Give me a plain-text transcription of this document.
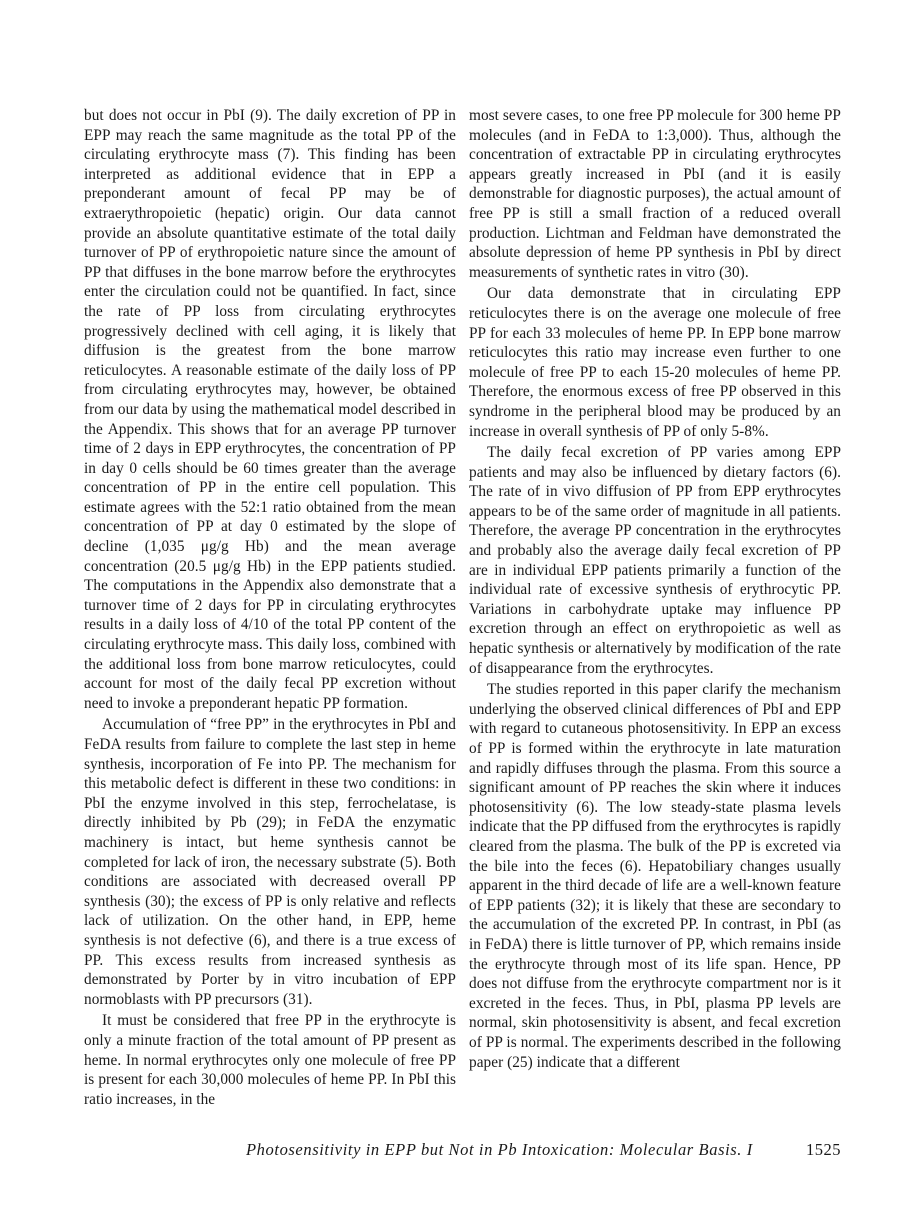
but does not occur in PbI (9). The daily excretion of PP in EPP may reach the same magnitude as the total PP of the circulating erythrocyte mass (7). This finding has been interpreted as additional evidence that in EPP a preponderant amount of fecal PP may be of extraerythropoietic (hepatic) origin. Our data cannot provide an absolute quantitative estimate of the total daily turnover of PP of erythropoietic nature since the amount of PP that diffuses in the bone marrow before the erythrocytes enter the circulation could not be quantified. In fact, since the rate of PP loss from circulating erythrocytes progressively declined with cell aging, it is likely that diffusion is the greatest from the bone marrow reticulocytes. A reasonable estimate of the daily loss of PP from circulating erythrocytes may, however, be obtained from our data by using the mathematical model described in the Appendix. This shows that for an average PP turnover time of 2 days in EPP erythrocytes, the concentration of PP in day 0 cells should be 60 times greater than the average concentration of PP in the entire cell population. This estimate agrees with the 52:1 ratio obtained from the mean concentration of PP at day 0 estimated by the slope of decline (1,035 μg/g Hb) and the mean average concentration (20.5 μg/g Hb) in the EPP patients studied. The computations in the Appendix also demonstrate that a turnover time of 2 days for PP in circulating erythrocytes results in a daily loss of 4/10 of the total PP content of the circulating erythrocyte mass. This daily loss, combined with the additional loss from bone marrow reticulocytes, could account for most of the daily fecal PP excretion without need to invoke a preponderant hepatic PP formation.

Accumulation of “free PP” in the erythrocytes in PbI and FeDA results from failure to complete the last step in heme synthesis, incorporation of Fe into PP. The mechanism for this metabolic defect is different in these two conditions: in PbI the enzyme involved in this step, ferrochelatase, is directly inhibited by Pb (29); in FeDA the enzymatic machinery is intact, but heme synthesis cannot be completed for lack of iron, the necessary substrate (5). Both conditions are associated with decreased overall PP synthesis (30); the excess of PP is only relative and reflects lack of utilization. On the other hand, in EPP, heme synthesis is not defective (6), and there is a true excess of PP. This excess results from increased synthesis as demonstrated by Porter by in vitro incubation of EPP normoblasts with PP precursors (31).

It must be considered that free PP in the erythrocyte is only a minute fraction of the total amount of PP present as heme. In normal erythrocytes only one molecule of free PP is present for each 30,000 molecules of heme PP. In PbI this ratio increases, in the

most severe cases, to one free PP molecule for 300 heme PP molecules (and in FeDA to 1:3,000). Thus, although the concentration of extractable PP in circulating erythrocytes appears greatly increased in PbI (and it is easily demonstrable for diagnostic purposes), the actual amount of free PP is still a small fraction of a reduced overall production. Lichtman and Feldman have demonstrated the absolute depression of heme PP synthesis in PbI by direct measurements of synthetic rates in vitro (30).

Our data demonstrate that in circulating EPP reticulocytes there is on the average one molecule of free PP for each 33 molecules of heme PP. In EPP bone marrow reticulocytes this ratio may increase even further to one molecule of free PP to each 15-20 molecules of heme PP. Therefore, the enormous excess of free PP observed in this syndrome in the peripheral blood may be produced by an increase in overall synthesis of PP of only 5-8%.

The daily fecal excretion of PP varies among EPP patients and may also be influenced by dietary factors (6). The rate of in vivo diffusion of PP from EPP erythrocytes appears to be of the same order of magnitude in all patients. Therefore, the average PP concentration in the erythrocytes and probably also the average daily fecal excretion of PP are in individual EPP patients primarily a function of the individual rate of excessive synthesis of erythrocytic PP. Variations in carbohydrate uptake may influence PP excretion through an effect on erythropoietic as well as hepatic synthesis or alternatively by modification of the rate of disappearance from the erythrocytes.

The studies reported in this paper clarify the mechanism underlying the observed clinical differences of PbI and EPP with regard to cutaneous photosensitivity. In EPP an excess of PP is formed within the erythrocyte in late maturation and rapidly diffuses through the plasma. From this source a significant amount of PP reaches the skin where it induces photosensitivity (6). The low steady-state plasma levels indicate that the PP diffused from the erythrocytes is rapidly cleared from the plasma. The bulk of the PP is excreted via the bile into the feces (6). Hepatobiliary changes usually apparent in the third decade of life are a well-known feature of EPP patients (32); it is likely that these are secondary to the accumulation of the excreted PP. In contrast, in PbI (as in FeDA) there is little turnover of PP, which remains inside the erythrocyte through most of its life span. Hence, PP does not diffuse from the erythrocyte compartment nor is it excreted in the feces. Thus, in PbI, plasma PP levels are normal, skin photosensitivity is absent, and fecal excretion of PP is normal. The experiments described in the following paper (25) indicate that a different

Photosensitivity in EPP but Not in Pb Intoxication: Molecular Basis. I	1525
